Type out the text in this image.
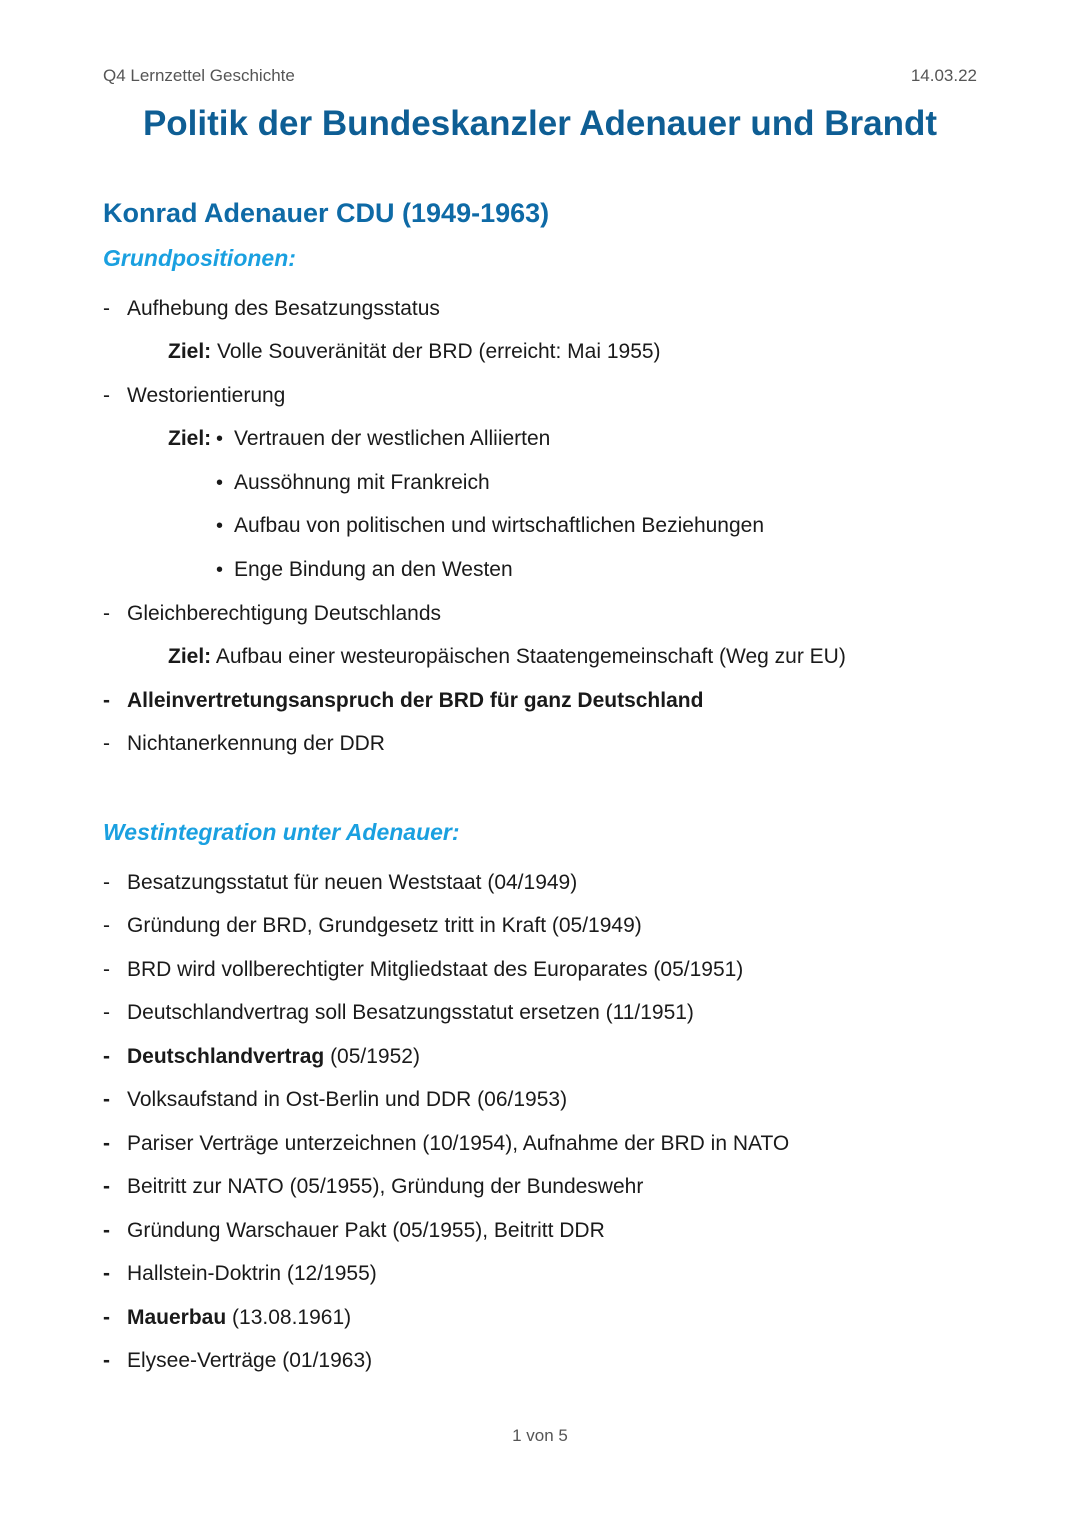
Q4 Lernzettel Geschichte	14.03.22
Politik der Bundeskanzler Adenauer und Brandt
Konrad Adenauer CDU (1949-1963)
Grundpositionen:
- Aufhebung des Besatzungsstatus
Ziel: Volle Souveränität der BRD (erreicht: Mai 1955)
- Westorientierung
Ziel: • Vertrauen der westlichen Alliierten
• Aussöhnung mit Frankreich
• Aufbau von politischen und wirtschaftlichen Beziehungen
• Enge Bindung an den Westen
- Gleichberechtigung Deutschlands
Ziel: Aufbau einer westeuropäischen Staatengemeinschaft (Weg zur EU)
- Alleinvertretungsanspruch der BRD für ganz Deutschland
- Nichtanerkennung der DDR
Westintegration unter Adenauer:
- Besatzungsstatut für neuen Weststaat (04/1949)
- Gründung der BRD, Grundgesetz tritt in Kraft (05/1949)
- BRD wird vollberechtigter Mitgliedstaat des Europarates (05/1951)
- Deutschlandvertrag soll Besatzungsstatut ersetzen (11/1951)
- Deutschlandvertrag (05/1952)
- Volksaufstand in Ost-Berlin und DDR (06/1953)
- Pariser Verträge unterzeichnen (10/1954), Aufnahme der BRD in NATO
- Beitritt zur NATO (05/1955), Gründung der Bundeswehr
- Gründung Warschauer Pakt (05/1955), Beitritt DDR
- Hallstein-Doktrin (12/1955)
- Mauerbau (13.08.1961)
- Elysee-Verträge (01/1963)
1 von 5
